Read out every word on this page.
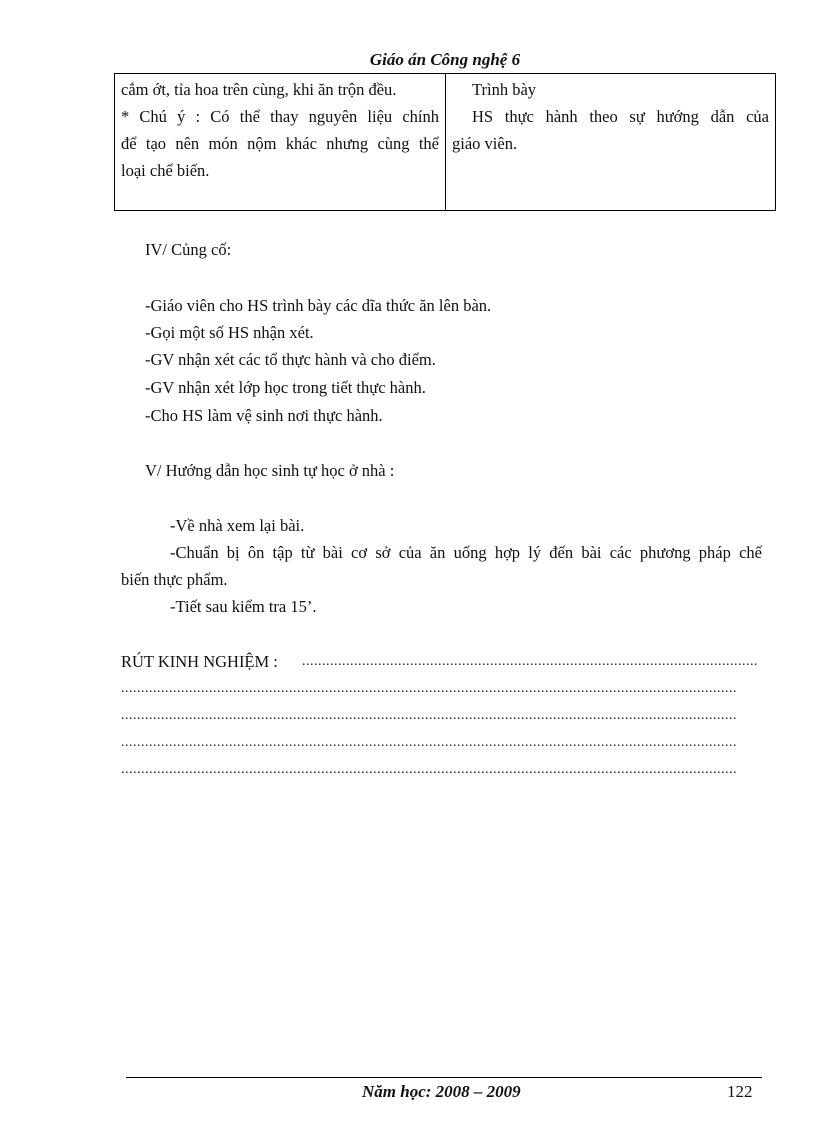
Giáo án Công nghệ 6
cắm ớt, tỉa hoa trên cùng, khi ăn trộn đều.
* Chú ý : Có thể thay nguyên liệu chính
để tạo nên món nộm khác nhưng cùng thể
loại chế biến.
Trình bày
HS thực hành theo sự hướng dẫn của
giáo viên.
IV/ Củng cố:
-Giáo viên cho HS trình bày các dĩa thức ăn lên bàn.
-Gọi một số HS nhận xét.
-GV nhận xét các tổ thực hành và cho điểm.
-GV nhận xét lớp học trong tiết thực hành.
-Cho HS làm vệ sinh nơi thực hành.
V/ Hướng dẫn học sinh tự học ở nhà :
-Về nhà xem lại bài.
-Chuẩn bị ôn tập từ bài cơ sở của ăn uống hợp lý đến bài các phương pháp chế
biến thực phẩm.
-Tiết sau kiểm tra 15’.
RÚT KINH NGHIỆM : ..................................................................................................................
..........................................................................................................................................................
..........................................................................................................................................................
..........................................................................................................................................................
..........................................................................................................................................................
Năm học: 2008 – 2009	122
